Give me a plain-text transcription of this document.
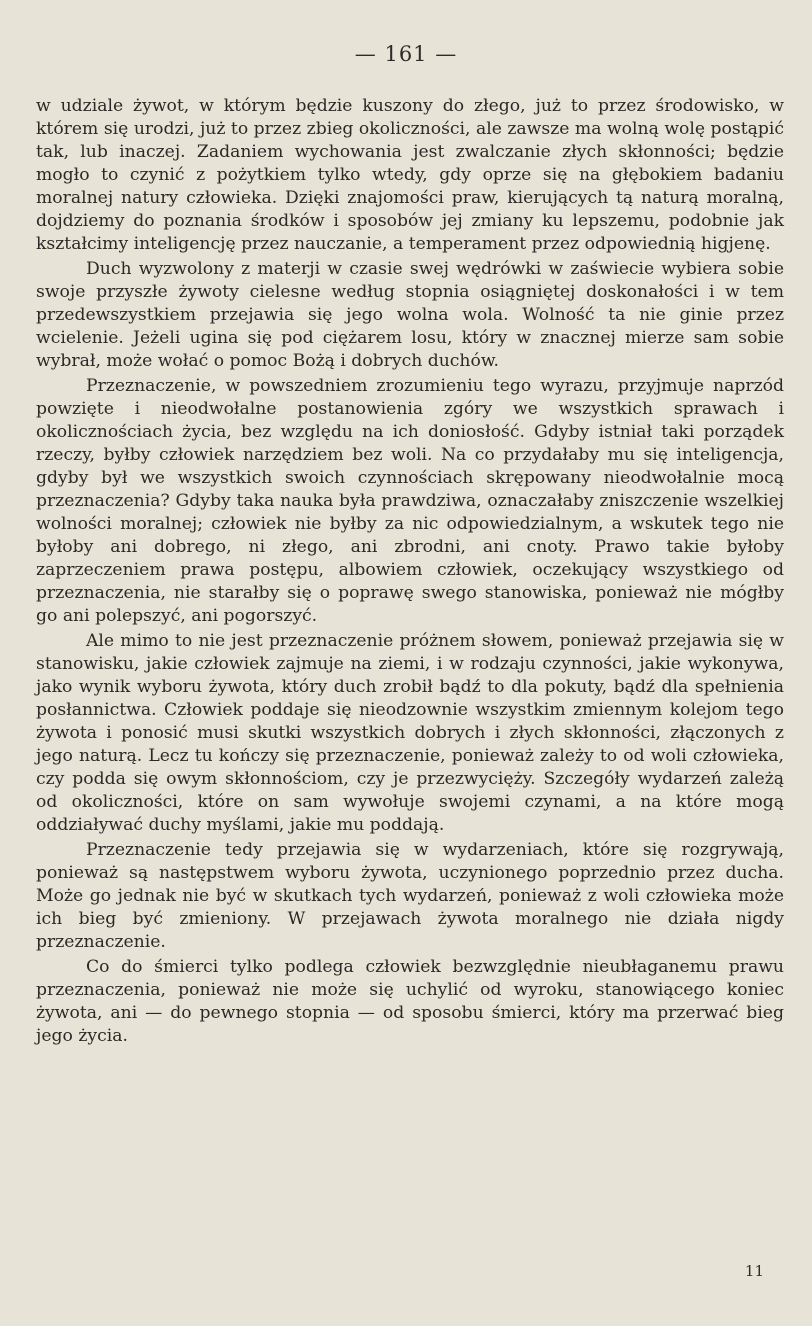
— 161 —

w udziale żywot, w którym będzie kuszony do złego, już to przez środowisko, w którem się urodzi, już to przez zbieg okoliczności, ale zawsze ma wolną wolę postąpić tak, lub inaczej. Zadaniem wychowania jest zwalczanie złych skłonności; będzie mogło to czynić z pożytkiem tylko wtedy, gdy oprze się na głębokiem badaniu moralnej natury człowieka. Dzięki znajomości praw, kierujących tą naturą moralną, dojdziemy do poznania środków i sposobów jej zmiany ku lepszemu, podobnie jak kształcimy inteligencję przez nauczanie, a temperament przez odpowiednią higjenę.

Duch wyzwolony z materji w czasie swej wędrówki w zaświecie wybiera sobie swoje przyszłe żywoty cielesne według stopnia osiągniętej doskonałości i w tem przedewszystkiem przejawia się jego wolna wola. Wolność ta nie ginie przez wcielenie. Jeżeli ugina się pod ciężarem losu, który w znacznej mierze sam sobie wybrał, może wołać o pomoc Bożą i dobrych duchów.

Przeznaczenie, w powszedniem zrozumieniu tego wyrazu, przyjmuje naprzód powzięte i nieodwołalne postanowienia zgóry we wszystkich sprawach i okolicznościach życia, bez względu na ich doniosłość. Gdyby istniał taki porządek rzeczy, byłby człowiek narzędziem bez woli. Na co przydałaby mu się inteligencja, gdyby był we wszystkich swoich czynnościach skrępowany nieodwołalnie mocą przeznaczenia? Gdyby taka nauka była prawdziwa, oznaczałaby zniszczenie wszelkiej wolności moralnej; człowiek nie byłby za nic odpowiedzialnym, a wskutek tego nie byłoby ani dobrego, ni złego, ani zbrodni, ani cnoty. Prawo takie byłoby zaprzeczeniem prawa postępu, albowiem człowiek, oczekujący wszystkiego od przeznaczenia, nie starałby się o poprawę swego stanowiska, ponieważ nie mógłby go ani polepszyć, ani pogorszyć.

Ale mimo to nie jest przeznaczenie próżnem słowem, ponieważ przejawia się w stanowisku, jakie człowiek zajmuje na ziemi, i w rodzaju czynności, jakie wykonywa, jako wynik wyboru żywota, który duch zrobił bądź to dla pokuty, bądź dla spełnienia posłannictwa. Człowiek poddaje się nieodzownie wszystkim zmiennym kolejom tego żywota i ponosić musi skutki wszystkich dobrych i złych skłonności, złączonych z jego naturą. Lecz tu kończy się przeznaczenie, ponieważ zależy to od woli człowieka, czy podda się owym skłonnościom, czy je przezwycięży. Szczegóły wydarzeń zależą od okoliczności, które on sam wywołuje swojemi czynami, a na które mogą oddziaływać duchy myślami, jakie mu poddają.

Przeznaczenie tedy przejawia się w wydarzeniach, które się rozgrywają, ponieważ są następstwem wyboru żywota, uczynionego poprzednio przez ducha. Może go jednak nie być w skutkach tych wydarzeń, ponieważ z woli człowieka może ich bieg być zmieniony. W przejawach żywota moralnego nie działa nigdy przeznaczenie.

Co do śmierci tylko podlega człowiek bezwzględnie nieubłaganemu prawu przeznaczenia, ponieważ nie może się uchylić od wyroku, stanowiącego koniec żywota, ani — do pewnego stopnia — od sposobu śmierci, który ma przerwać bieg jego życia.

11
